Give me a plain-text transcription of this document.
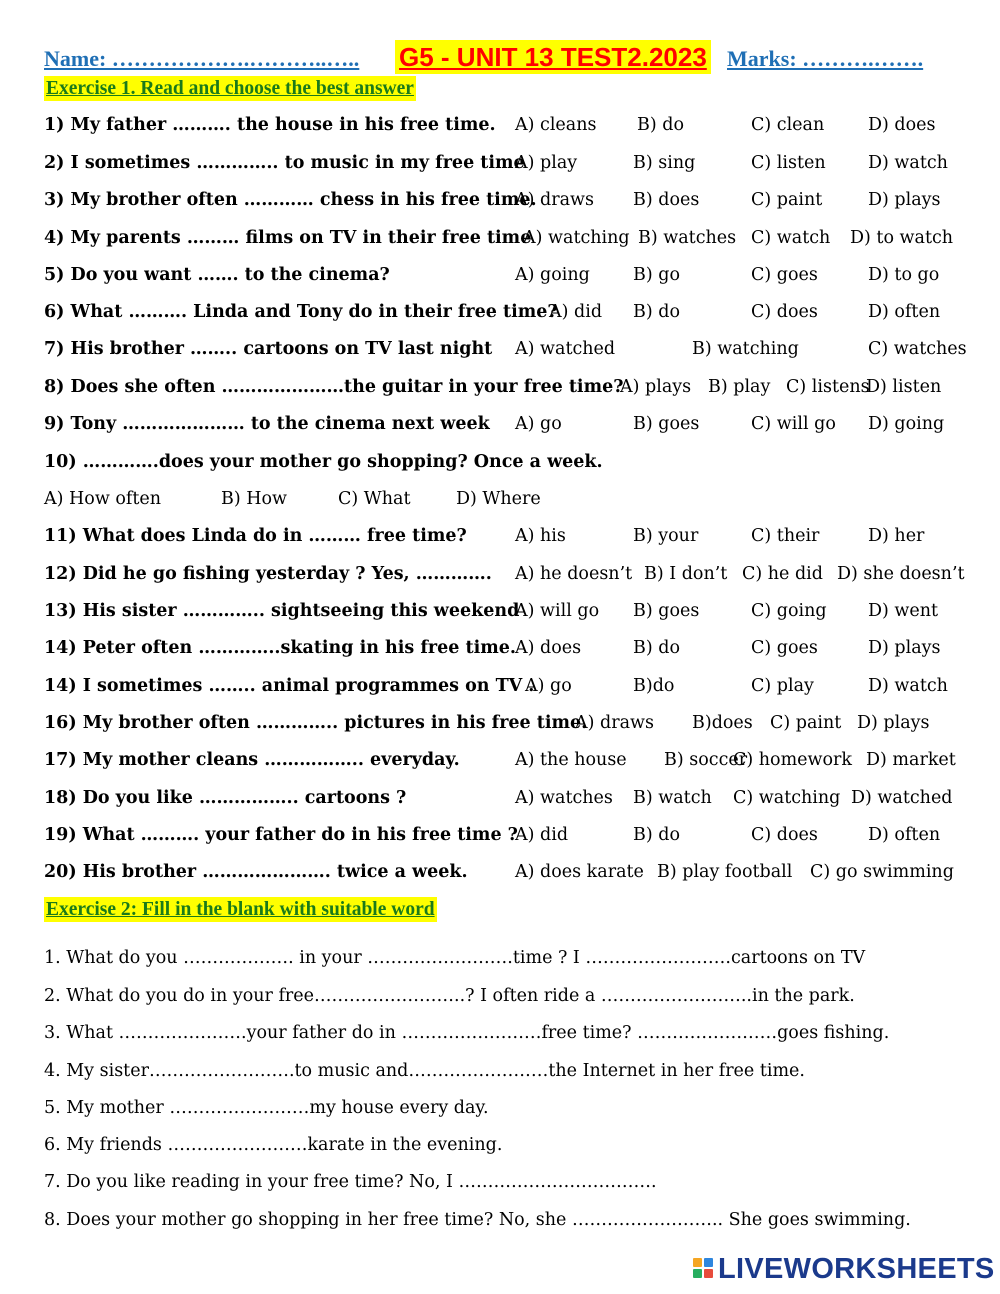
Name: ……………….………..….. G5 - UNIT 13 TEST2.2023 Marks: ……….…….
Exercise 1. Read and choose the best answer
1) My father ………. the house in his free time. A) cleans B) do	C) clean	D) does
2) I sometimes ………….. to music in my free time
A) play	B) sing	C) listen D) watch
3) My brother often ………… chess in his free time.
A) draws B) does	C) paint	D) plays
4) My parents ……… films on TV in their free time
A) watching B) watches C) watch D) to watch
5) Do you want ……. to the cinema?	A) going B) go	C) goes	D) to go
6) What ………. Linda and Tony do in their free time?
A) did B) do	C) does	D) often
7) His brother …….. cartoons on TV last night A) watched	B) watching	C) watches
8) Does she often …………………the guitar in your free time?
A) plays B) play C) listens
D) listen
9) Tony ………………… to the cinema next week A) go	B) goes	C) will go D) going
10) ………….does your mother go shopping? Once a week.
A) How often	B) How	C) What	D) Where
11) What does Linda do in ……… free time?	A) his	B) your	C) their	D) her
12) Did he go fishing yesterday ? Yes, …………. A) he doesn’t B) I don’t C) he did D) she doesn’t
13) His sister ………….. sightseeing this weekend
A) will go B) goes	C) going D) went
14) Peter often …………..skating in his free time. A) does	B) do	C) goes	D) plays
14) I sometimes …….. animal programmes on TV .
A) go	B)do	C) play	D) watch
16) My brother often ………….. pictures in his free time.
A) draws B)does C) paint D) plays
17) My mother cleans …………….. everyday.	A) the house B) soccer
C) homework D) market
18) Do you like …………….. cartoons ?	A) watches B) watch C) watching D) watched
19) What ………. your father do in his free time ?
A) did	B) do	C) does	D) often
20) His brother …………………. twice a week.	A) does karate B) play football C) go swimming
Exercise 2: Fill in the blank with suitable word
1. What do you ………………. in your …………………….time ? I …………………….cartoons on TV
2. What do you do in your free……………………..? I often ride a ……………………..in the park.
3. What ………………….your father do in ……………………free time? ……………………goes fishing.
4. My sister…………………….to music and……………………the Internet in her free time.
5. My mother ……………………my house every day.
6. My friends ……………………karate in the evening.
7. Do you like reading in your free time? No, I …………………………….
8. Does your mother go shopping in her free time? No, she …………………….. She goes swimming.
LIVEWORKSHEETS
